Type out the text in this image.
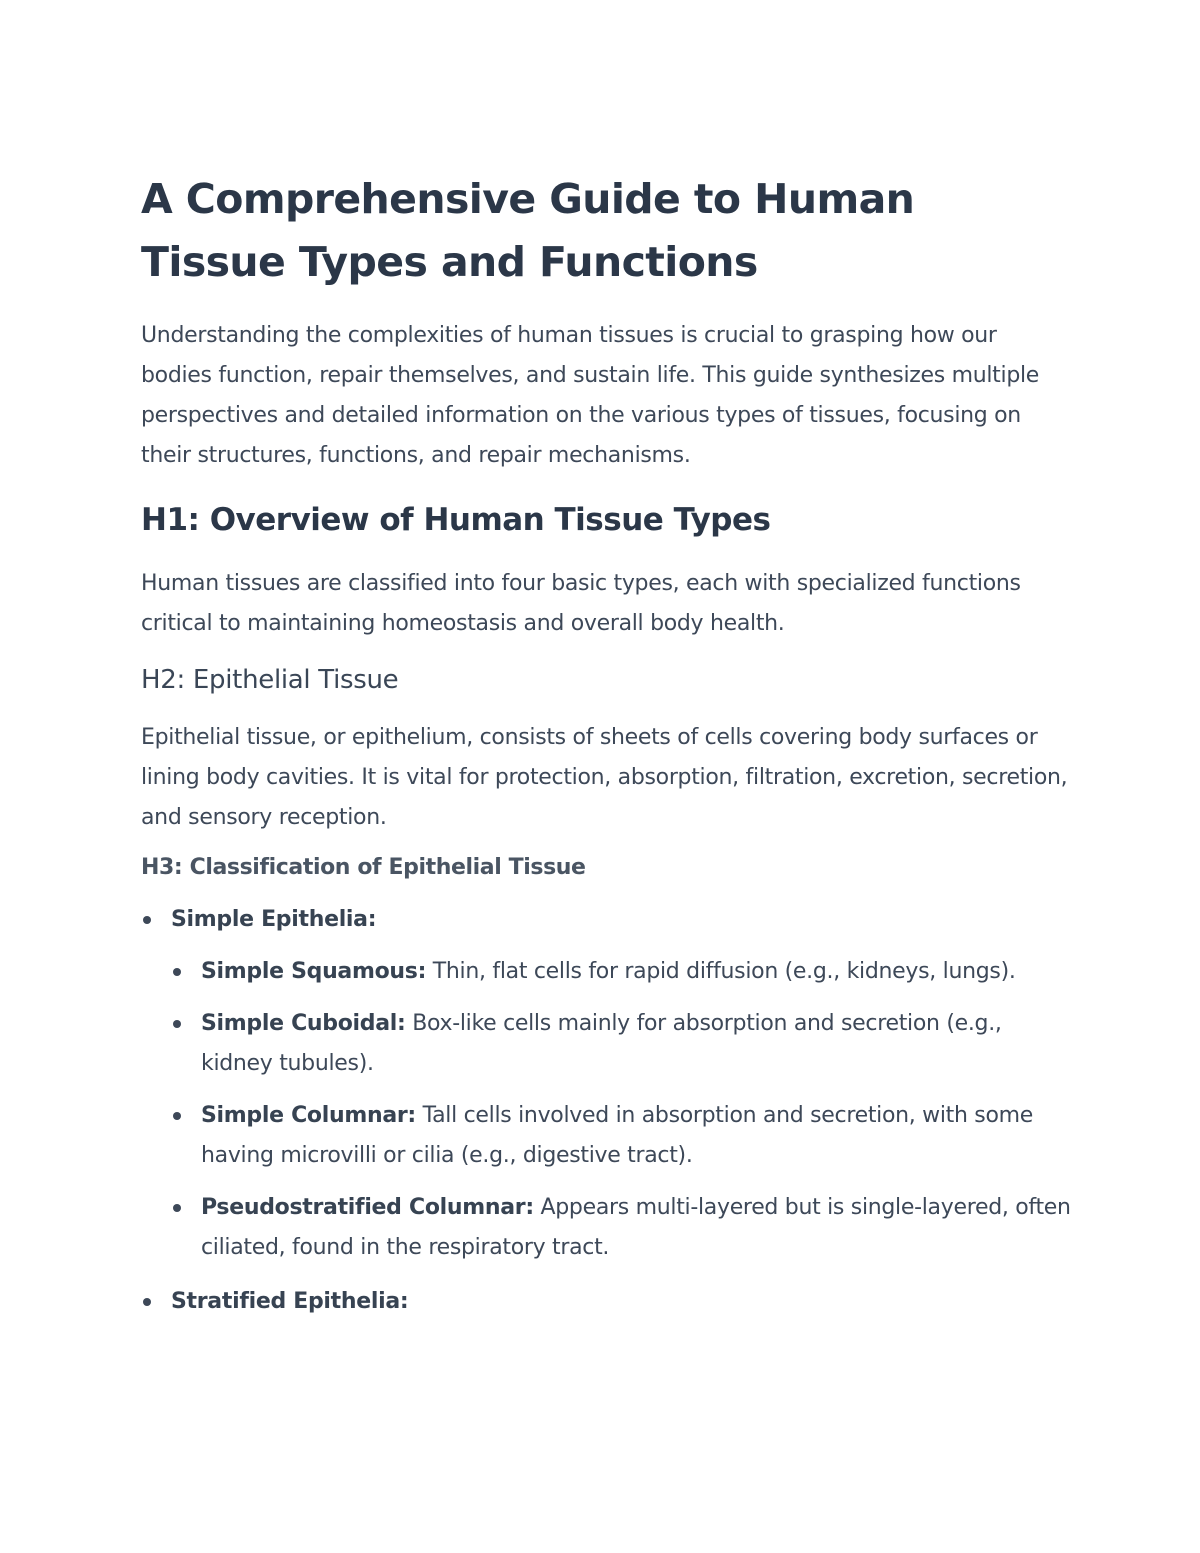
A Comprehensive Guide to Human Tissue Types and Functions

Understanding the complexities of human tissues is crucial to grasping how our bodies function, repair themselves, and sustain life. This guide synthesizes multiple perspectives and detailed information on the various types of tissues, focusing on their structures, functions, and repair mechanisms.

H1: Overview of Human Tissue Types

Human tissues are classified into four basic types, each with specialized functions critical to maintaining homeostasis and overall body health.

H2: Epithelial Tissue

Epithelial tissue, or epithelium, consists of sheets of cells covering body surfaces or lining body cavities. It is vital for protection, absorption, filtration, excretion, secretion, and sensory reception.

H3: Classification of Epithelial Tissue
Simple Epithelia:
Simple Squamous: Thin, flat cells for rapid diffusion (e.g., kidneys, lungs).
Simple Cuboidal: Box-like cells mainly for absorption and secretion (e.g., kidney tubules).
Simple Columnar: Tall cells involved in absorption and secretion, with some having microvilli or cilia (e.g., digestive tract).
Pseudostratified Columnar: Appears multi-layered but is single-layered, often ciliated, found in the respiratory tract.
Stratified Epithelia:
